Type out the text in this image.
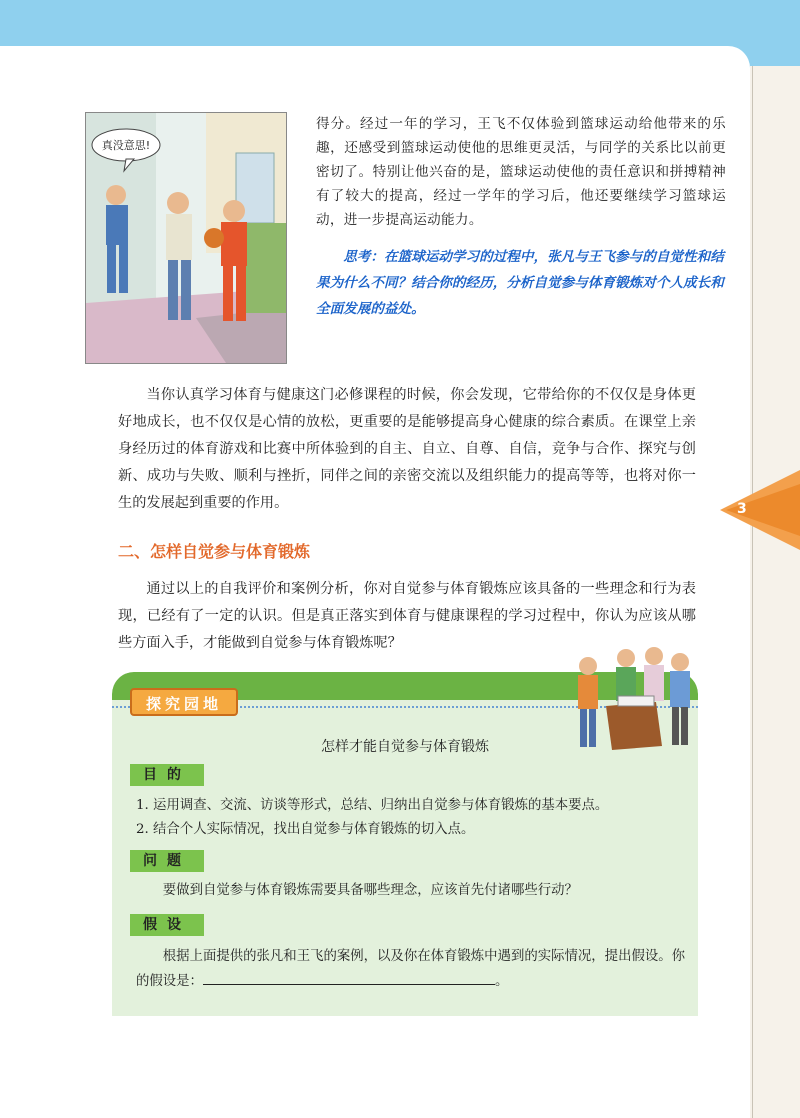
3
真没意思!

得分。经过一年的学习，王飞不仅体验到篮球运动给他带来的乐趣，还感受到篮球运动使他的思维更灵活，与同学的关系比以前更密切了。特别让他兴奋的是，篮球运动使他的责任意识和拼搏精神有了较大的提高，经过一学年的学习后，他还要继续学习篮球运动，进一步提高运动能力。

思考：在篮球运动学习的过程中，张凡与王飞参与的自觉性和结果为什么不同？结合你的经历，分析自觉参与体育锻炼对个人成长和全面发展的益处。

当你认真学习体育与健康这门必修课程的时候，你会发现，它带给你的不仅仅是身体更好地成长，也不仅仅是心情的放松，更重要的是能够提高身心健康的综合素质。在课堂上亲身经历过的体育游戏和比赛中所体验到的自主、自立、自尊、自信，竞争与合作、探究与创新、成功与失败、顺利与挫折，同伴之间的亲密交流以及组织能力的提高等等，也将对你一生的发展起到重要的作用。

二、怎样自觉参与体育锻炼

通过以上的自我评价和案例分析，你对自觉参与体育锻炼应该具备的一些理念和行为表现，已经有了一定的认识。但是真正落实到体育与健康课程的学习过程中，你认为应该从哪些方面入手，才能做到自觉参与体育锻炼呢？

探究园地

怎样才能自觉参与体育锻炼

目的

1. 运用调查、交流、访谈等形式，总结、归纳出自觉参与体育锻炼的基本要点。

2. 结合个人实际情况，找出自觉参与体育锻炼的切入点。

问题

要做到自觉参与体育锻炼需要具备哪些理念，应该首先付诸哪些行动？

假设

根据上面提供的张凡和王飞的案例，以及你在体育锻炼中遇到的实际情况，提出假设。你的假设是：	。
